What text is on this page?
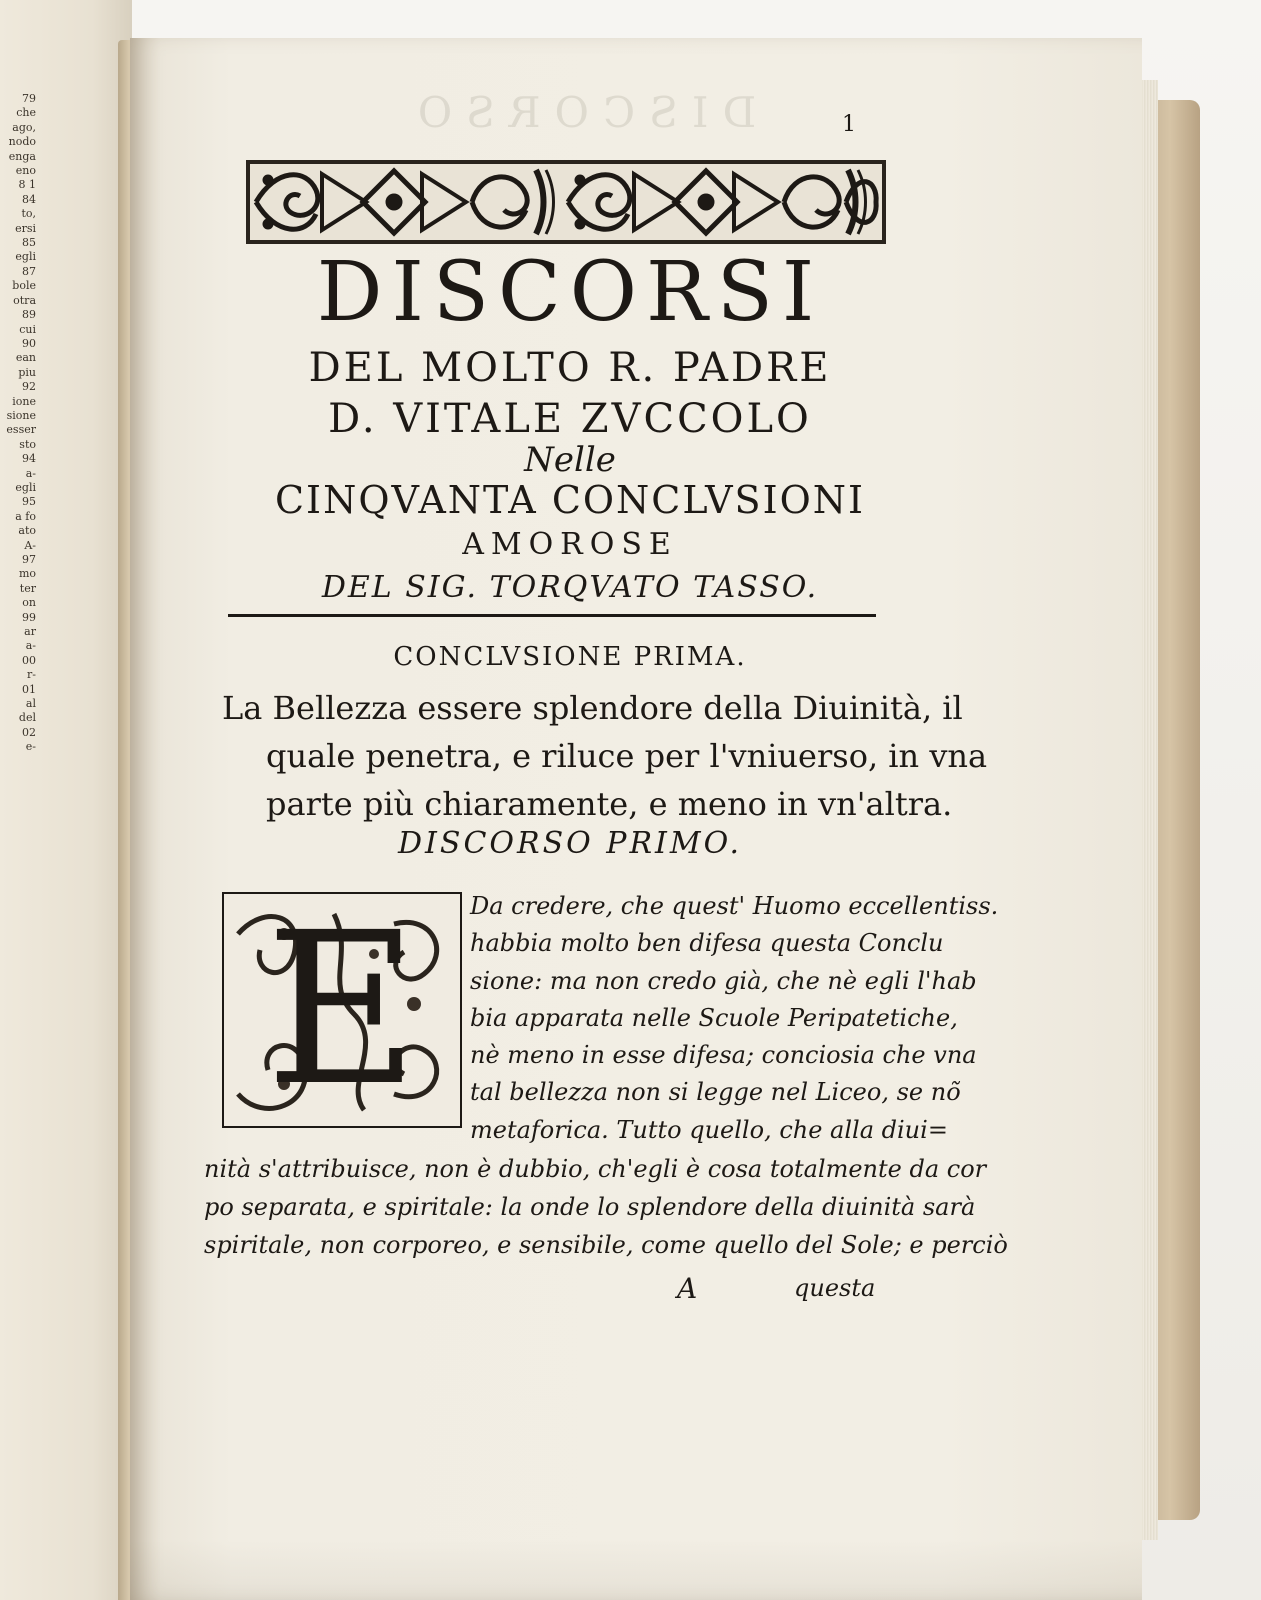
79
che
ago,
nodo
enga
eno
8 1
84
to,
ersi
85
egli
87
bole
otra
89
cui
90
ean
piu
92
ione
sione
esser
sto
94
a-
egli
95
a fo
ato
A-
97
mo
ter
on
99
ar
a-
00
r-
01
al
del
02
e-
DISCORSO	1
DISCORSI
DEL MOLTO R. PADRE
D. VITALE ZVCCOLO
Nelle
CINQVANTA CONCLVSIONI
AMOROSE
DEL SIG. TORQVATO TASSO.
CONCLVSIONE PRIMA.
La Bellezza essere splendore della Diuinità, il
quale penetra, e riluce per l'vniuerso, in vna
parte più chiaramente, e meno in vn'altra.
DISCORSO PRIMO.
E	Da credere, che quest' Huomo eccellentiss.
habbia molto ben difesa questa Conclu
sione: ma non credo già, che nè egli l'hab
bia apparata nelle Scuole Peripatetiche,
nè meno in esse difesa; conciosia che vna
tal bellezza non si legge nel Liceo, se nõ
metaforica. Tutto quello, che alla diui=
nità s'attribuisce, non è dubbio, ch'egli è cosa totalmente da cor
po separata, e spiritale: la onde lo splendore della diuinità sarà
spiritale, non corporeo, e sensibile, come quello del Sole; e perciò
A	questa
